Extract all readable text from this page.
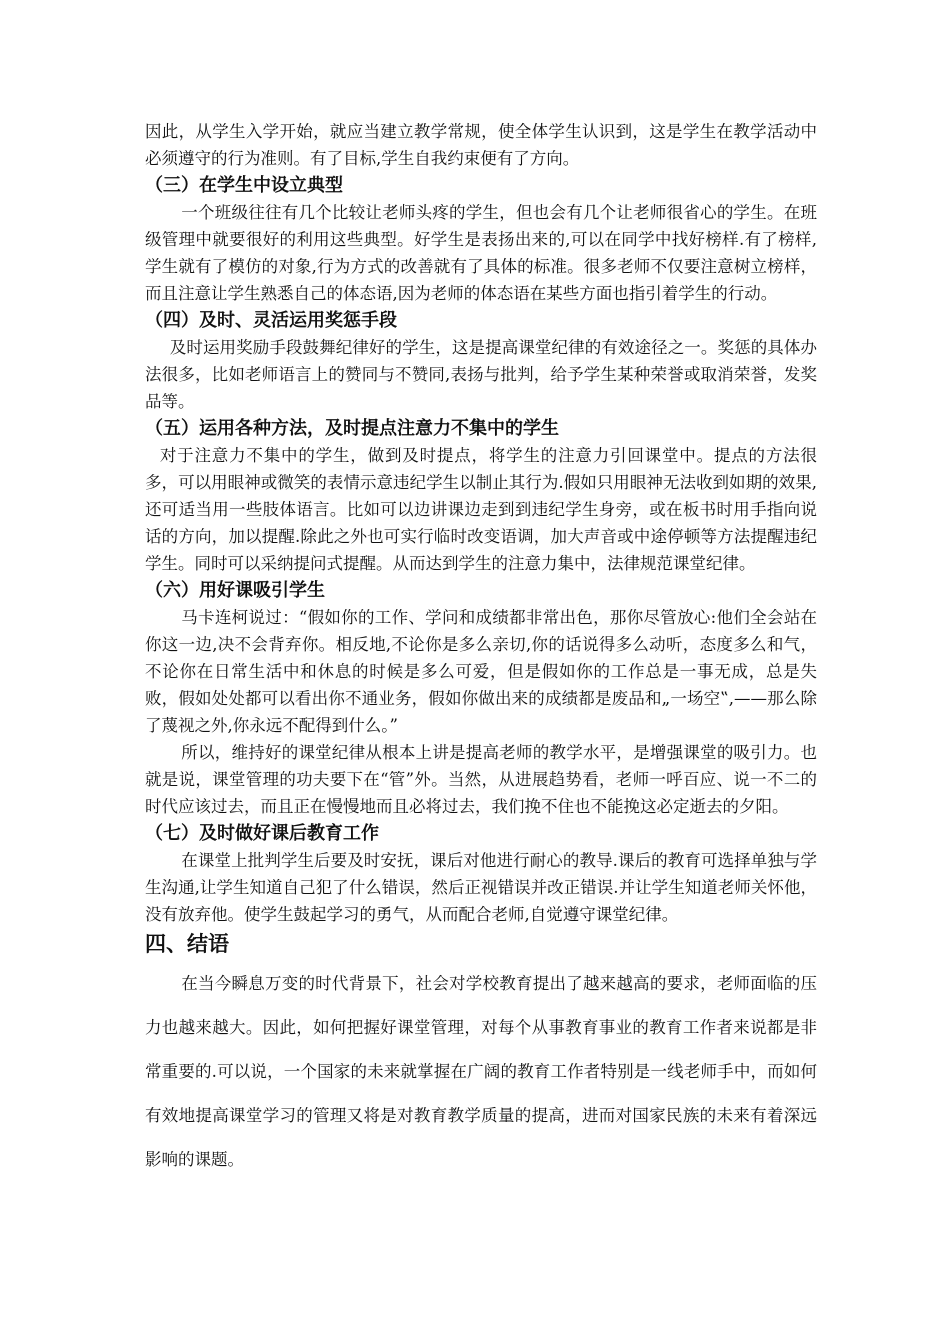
因此，从学生入学开始，就应当建立教学常规，使全体学生认识到，这是学生在教学活动中必须遵守的行为准则。有了目标,学生自我约束便有了方向。

（三）在学生中设立典型

一个班级往往有几个比较让老师头疼的学生，但也会有几个让老师很省心的学生。在班级管理中就要很好的利用这些典型。好学生是表扬出来的,可以在同学中找好榜样.有了榜样,学生就有了模仿的对象,行为方式的改善就有了具体的标准。很多老师不仅要注意树立榜样，而且注意让学生熟悉自己的体态语,因为老师的体态语在某些方面也指引着学生的行动。

（四）及时、灵活运用奖惩手段

及时运用奖励手段鼓舞纪律好的学生，这是提高课堂纪律的有效途径之一。奖惩的具体办法很多，比如老师语言上的赞同与不赞同,表扬与批判，给予学生某种荣誉或取消荣誉，发奖品等。

（五）运用各种方法，及时提点注意力不集中的学生

对于注意力不集中的学生，做到及时提点，将学生的注意力引回课堂中。提点的方法很多，可以用眼神或微笑的表情示意违纪学生以制止其行为.假如只用眼神无法收到如期的效果,还可适当用一些肢体语言。比如可以边讲课边走到到违纪学生身旁，或在板书时用手指向说话的方向，加以提醒.除此之外也可实行临时改变语调，加大声音或中途停顿等方法提醒违纪学生。同时可以采纳提问式提醒。从而达到学生的注意力集中，法律规范课堂纪律。

（六）用好课吸引学生

马卡连柯说过：“假如你的工作、学问和成绩都非常出色，那你尽管放心:他们全会站在你这一边,决不会背弃你。相反地,不论你是多么亲切,你的话说得多么动听，态度多么和气，不论你在日常生活中和休息的时候是多么可爱，但是假如你的工作总是一事无成，总是失败，假如处处都可以看出你不通业务，假如你做出来的成绩都是废品和„一场空‟,——那么除了蔑视之外,你永远不配得到什么。”

所以，维持好的课堂纪律从根本上讲是提高老师的教学水平，是增强课堂的吸引力。也就是说，课堂管理的功夫要下在“管”外。当然，从进展趋势看，老师一呼百应、说一不二的时代应该过去，而且正在慢慢地而且必将过去，我们挽不住也不能挽这必定逝去的夕阳。

（七）及时做好课后教育工作

在课堂上批判学生后要及时安抚，课后对他进行耐心的教导.课后的教育可选择单独与学生沟通,让学生知道自己犯了什么错误，然后正视错误并改正错误.并让学生知道老师关怀他，没有放弃他。使学生鼓起学习的勇气，从而配合老师,自觉遵守课堂纪律。

四、结语

在当今瞬息万变的时代背景下，社会对学校教育提出了越来越高的要求，老师面临的压力也越来越大。因此，如何把握好课堂管理，对每个从事教育事业的教育工作者来说都是非常重要的.可以说，一个国家的未来就掌握在广阔的教育工作者特别是一线老师手中，而如何有效地提高课堂学习的管理又将是对教育教学质量的提高，进而对国家民族的未来有着深远影响的课题。
